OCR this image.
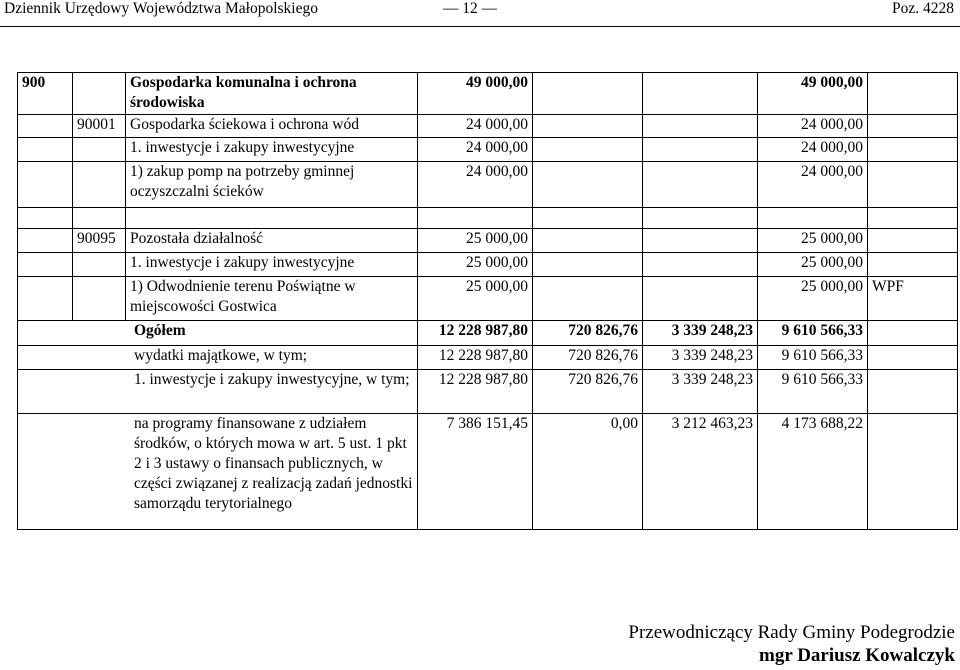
Dziennik Urzędowy Województwa Małopolskiego	— 12 —	Poz. 4228
900		Gospodarka komunalna i ochrona środowiska	49 000,00			49 000,00	
	90001	Gospodarka ściekowa i ochrona wód	24 000,00			24 000,00	
		1. inwestycje i zakupy inwestycyjne	24 000,00			24 000,00	
		1) zakup pomp na potrzeby gminnej oczyszczalni ścieków	24 000,00			24 000,00	

	90095	Pozostała działalność	25 000,00			25 000,00	
		1. inwestycje i zakupy inwestycyjne	25 000,00			25 000,00	
		1) Odwodnienie terenu Poświątne w miejscowości Gostwica	25 000,00			25 000,00	WPF
Ogółem			12 228 987,80	720 826,76	3 339 248,23	9 610 566,33	
wydatki majątkowe, w tym;			12 228 987,80	720 826,76	3 339 248,23	9 610 566,33	
1. inwestycje i zakupy inwestycyjne, w tym;			12 228 987,80	720 826,76	3 339 248,23	9 610 566,33	
na programy finansowane z udziałem środków, o których mowa w art. 5 ust. 1 pkt 2 i 3 ustawy o finansach publicznych, w części związanej z realizacją zadań jednostki samorządu terytorialnego			7 386 151,45	0,00	3 212 463,23	4 173 688,22	
Przewodniczący Rady Gminy Podegrodzie
mgr Dariusz Kowalczyk
